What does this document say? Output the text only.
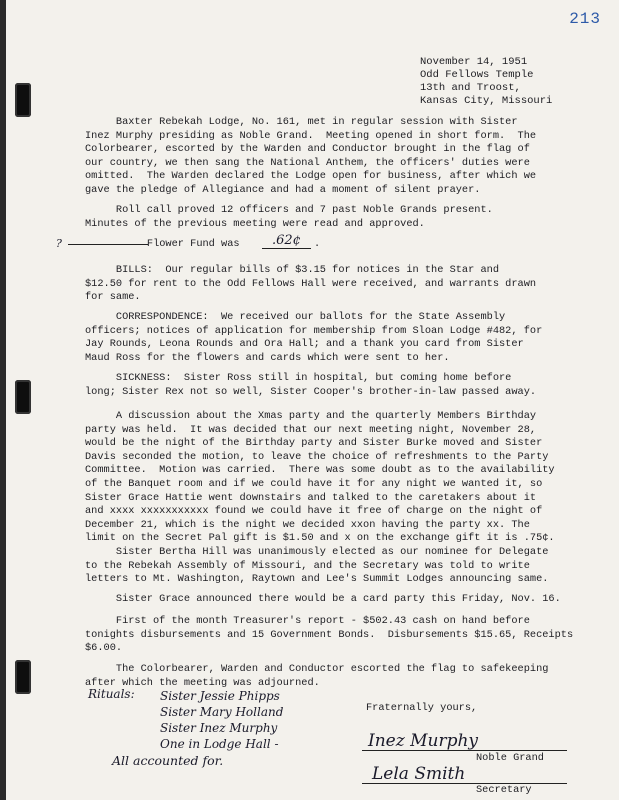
213
November 14, 1951
Odd Fellows Temple
13th and Troost,
Kansas City, Missouri

Baxter Rebekah Lodge, No. 161, met in regular session with Sister

Inez Murphy presiding as Noble Grand.  Meeting opened in short form.  The

Colorbearer, escorted by the Warden and Conductor brought in the flag of

our country, we then sang the National Anthem, the officers' duties were

omitted.  The Warden declared the Lodge open for business, after which we

gave the pledge of Allegiance and had a moment of silent prayer.

Roll call proved 12 officers and 7 past Noble Grands present.

Minutes of the previous meeting were read and approved.

?	Flower Fund was	.62¢	.

BILLS:  Our regular bills of $3.15 for notices in the Star and

$12.50 for rent to the Odd Fellows Hall were received, and warrants drawn

for same.

CORRESPONDENCE:  We received our ballots for the State Assembly

officers; notices of application for membership from Sloan Lodge #482, for

Jay Rounds, Leona Rounds and Ora Hall; and a thank you card from Sister

Maud Ross for the flowers and cards which were sent to her.

SICKNESS:  Sister Ross still in hospital, but coming home before

long; Sister Rex not so well, Sister Cooper's brother-in-law passed away.

A discussion about the Xmas party and the quarterly Members Birthday

party was held.  It was decided that our next meeting night, November 28,

would be the night of the Birthday party and Sister Burke moved and Sister

Davis seconded the motion, to leave the choice of refreshments to the Party

Committee.  Motion was carried.  There was some doubt as to the availability

of the Banquet room and if we could have it for any night we wanted it, so

Sister Grace Hattie went downstairs and talked to the caretakers about it

and xxxx xxxxxxxxxxx found we could have it free of charge on the night of

December 21, which is the night we decided xxon having the party xx. The

limit on the Secret Pal gift is $1.50 and x on the exchange gift it is .75¢.

Sister Bertha Hill was unanimously elected as our nominee for Delegate

to the Rebekah Assembly of Missouri, and the Secretary was told to write

letters to Mt. Washington, Raytown and Lee's Summit Lodges announcing same.

Sister Grace announced there would be a card party this Friday, Nov. 16.

First of the month Treasurer's report - $502.43 cash on hand before

tonights disbursements and 15 Government Bonds.  Disbursements $15.65, Receipts

$6.00.

The Colorbearer, Warden and Conductor escorted the flag to safekeeping

after which the meeting was adjourned.

Fraternally yours,

Rituals: Sister Jessie Phipps
Sister Mary Holland
Sister Inez Murphy
One in Lodge Hall -
All accounted for.
Inez Murphy

Noble Grand

Lela Smith

Secretary
